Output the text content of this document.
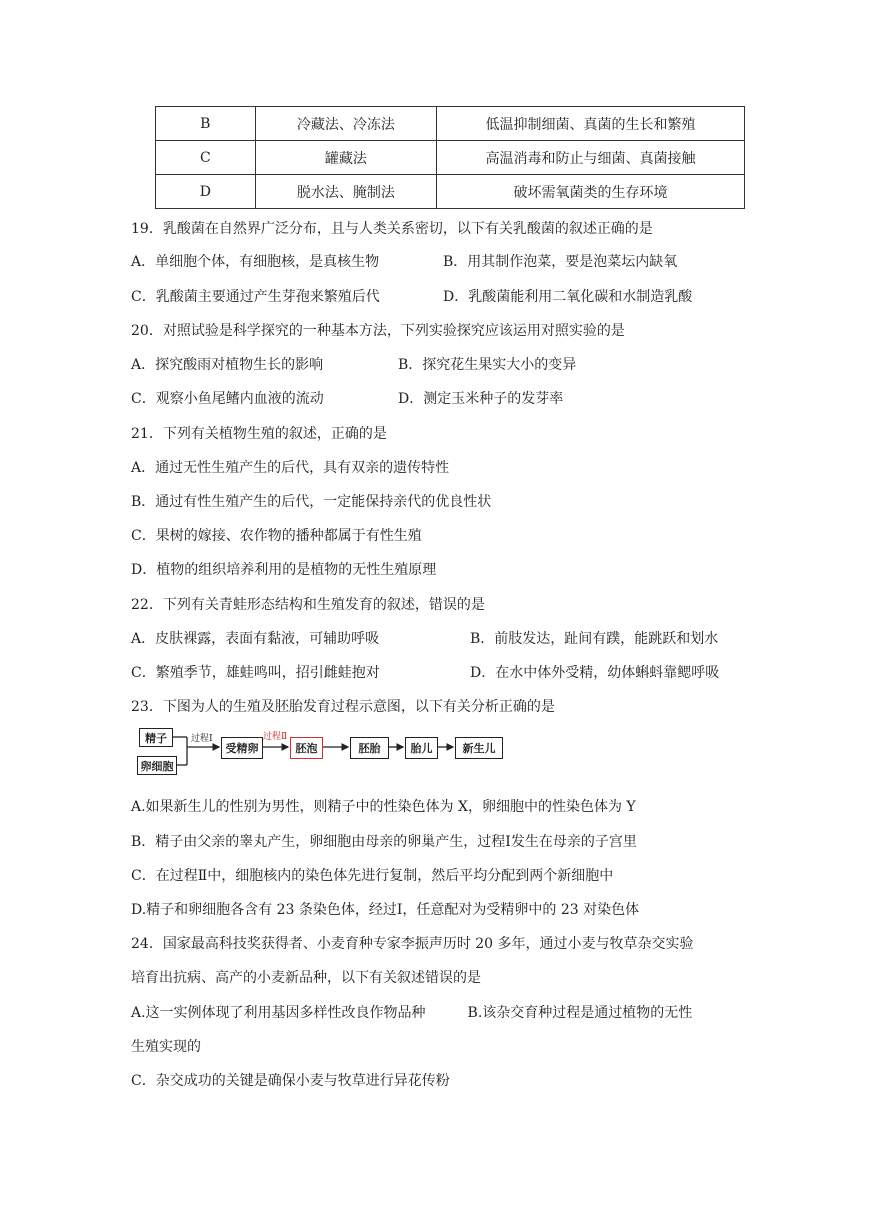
B	冷藏法、冷冻法	低温抑制细菌、真菌的生长和繁殖
C	罐藏法	高温消毒和防止与细菌、真菌接触
D	脱水法、腌制法	破坏需氧菌类的生存环境
19．乳酸菌在自然界广泛分布，且与人类关系密切，以下有关乳酸菌的叙述正确的是
A．单细胞个体，有细胞核，是真核生物	B．用其制作泡菜，要是泡菜坛内缺氧
C．乳酸菌主要通过产生芽孢来繁殖后代	D．乳酸菌能利用二氧化碳和水制造乳酸
20．对照试验是科学探究的一种基本方法，下列实验探究应该运用对照实验的是
A．探究酸雨对植物生长的影响	B．探究花生果实大小的变异
C．观察小鱼尾鳍内血液的流动	D．测定玉米种子的发芽率
21．下列有关植物生殖的叙述，正确的是
A．通过无性生殖产生的后代，具有双亲的遗传特性
B．通过有性生殖产生的后代，一定能保持亲代的优良性状
C．果树的嫁接、农作物的播种都属于有性生殖
D．植物的组织培养利用的是植物的无性生殖原理
22．下列有关青蛙形态结构和生殖发育的叙述，错误的是
A．皮肤裸露，表面有黏液，可辅助呼吸	B．前肢发达，趾间有蹼，能跳跃和划水
C．繁殖季节，雄蛙鸣叫，招引雌蛙抱对	D．在水中体外受精，幼体蝌蚪靠鳃呼吸
23．下图为人的生殖及胚胎发育过程示意图，以下有关分析正确的是
精子
卵细胞
过程Ⅰ
受精卵
过程Ⅱ
胚泡	胚胎	胎儿	新生儿
A.如果新生儿的性别为男性，则精子中的性染色体为 X，卵细胞中的性染色体为 Y
B．精子由父亲的睾丸产生，卵细胞由母亲的卵巢产生，过程Ⅰ发生在母亲的子宫里
C．在过程Ⅱ中，细胞核内的染色体先进行复制，然后平均分配到两个新细胞中
D.精子和卵细胞各含有 23 条染色体，经过Ⅰ，任意配对为受精卵中的 23 对染色体
24．国家最高科技奖获得者、小麦育种专家李振声历时 20 多年，通过小麦与牧草杂交实验
培育出抗病、高产的小麦新品种，以下有关叙述错误的是
A.这一实例体现了利用基因多样性改良作物品种　　　B.该杂交育种过程是通过植物的无性
生殖实现的
C．杂交成功的关键是确保小麦与牧草进行异花传粉
